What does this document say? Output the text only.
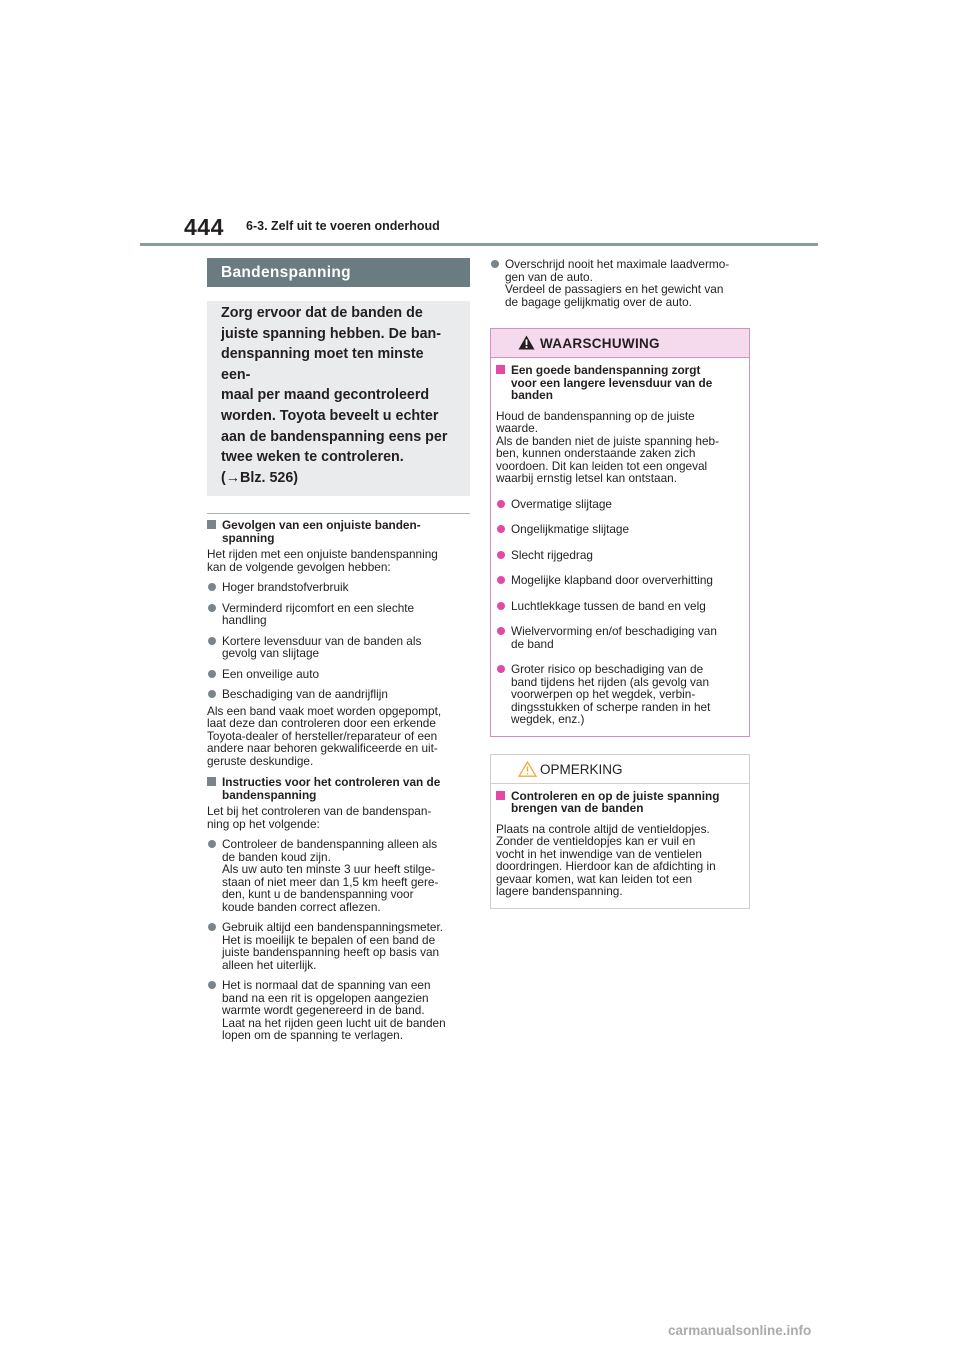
444 6-3. Zelf uit te voeren onderhoud
Bandenspanning
Zorg ervoor dat de banden de
juiste spanning hebben. De ban-
denspanning moet ten minste een-
maal per maand gecontroleerd
worden. Toyota beveelt u echter
aan de bandenspanning eens per
twee weken te controleren.
(→Blz. 526)
Gevolgen van een onjuiste banden-
spanning
Het rijden met een onjuiste bandenspanning
kan de volgende gevolgen hebben:
Hoger brandstofverbruik
Verminderd rijcomfort en een slechte
handling
Kortere levensduur van de banden als
gevolg van slijtage
Een onveilige auto
Beschadiging van de aandrijflijn
Als een band vaak moet worden opgepompt,
laat deze dan controleren door een erkende
Toyota-dealer of hersteller/reparateur of een
andere naar behoren gekwalificeerde en uit-
geruste deskundige.
Instructies voor het controleren van de
bandenspanning
Let bij het controleren van de bandenspan-
ning op het volgende:
Controleer de bandenspanning alleen als
de banden koud zijn.
Als uw auto ten minste 3 uur heeft stilge-
staan of niet meer dan 1,5 km heeft gere-
den, kunt u de bandenspanning voor
koude banden correct aflezen.
Gebruik altijd een bandenspanningsmeter.
Het is moeilijk te bepalen of een band de
juiste bandenspanning heeft op basis van
alleen het uiterlijk.
Het is normaal dat de spanning van een
band na een rit is opgelopen aangezien
warmte wordt gegenereerd in de band.
Laat na het rijden geen lucht uit de banden
lopen om de spanning te verlagen.
Overschrijd nooit het maximale laadvermo-
gen van de auto.
Verdeel de passagiers en het gewicht van
de bagage gelijkmatig over de auto.
WAARSCHUWING
Een goede bandenspanning zorgt
voor een langere levensduur van de
banden
Houd de bandenspanning op de juiste
waarde.
Als de banden niet de juiste spanning heb-
ben, kunnen onderstaande zaken zich
voordoen. Dit kan leiden tot een ongeval
waarbij ernstig letsel kan ontstaan.
Overmatige slijtage
Ongelijkmatige slijtage
Slecht rijgedrag
Mogelijke klapband door oververhitting
Luchtlekkage tussen de band en velg
Wielvervorming en/of beschadiging van
de band
Groter risico op beschadiging van de
band tijdens het rijden (als gevolg van
voorwerpen op het wegdek, verbin-
dingsstukken of scherpe randen in het
wegdek, enz.)
OPMERKING
Controleren en op de juiste spanning
brengen van de banden
Plaats na controle altijd de ventieldopjes.
Zonder de ventieldopjes kan er vuil en
vocht in het inwendige van de ventielen
doordringen. Hierdoor kan de afdichting in
gevaar komen, wat kan leiden tot een
lagere bandenspanning.
carmanualsonline.info
